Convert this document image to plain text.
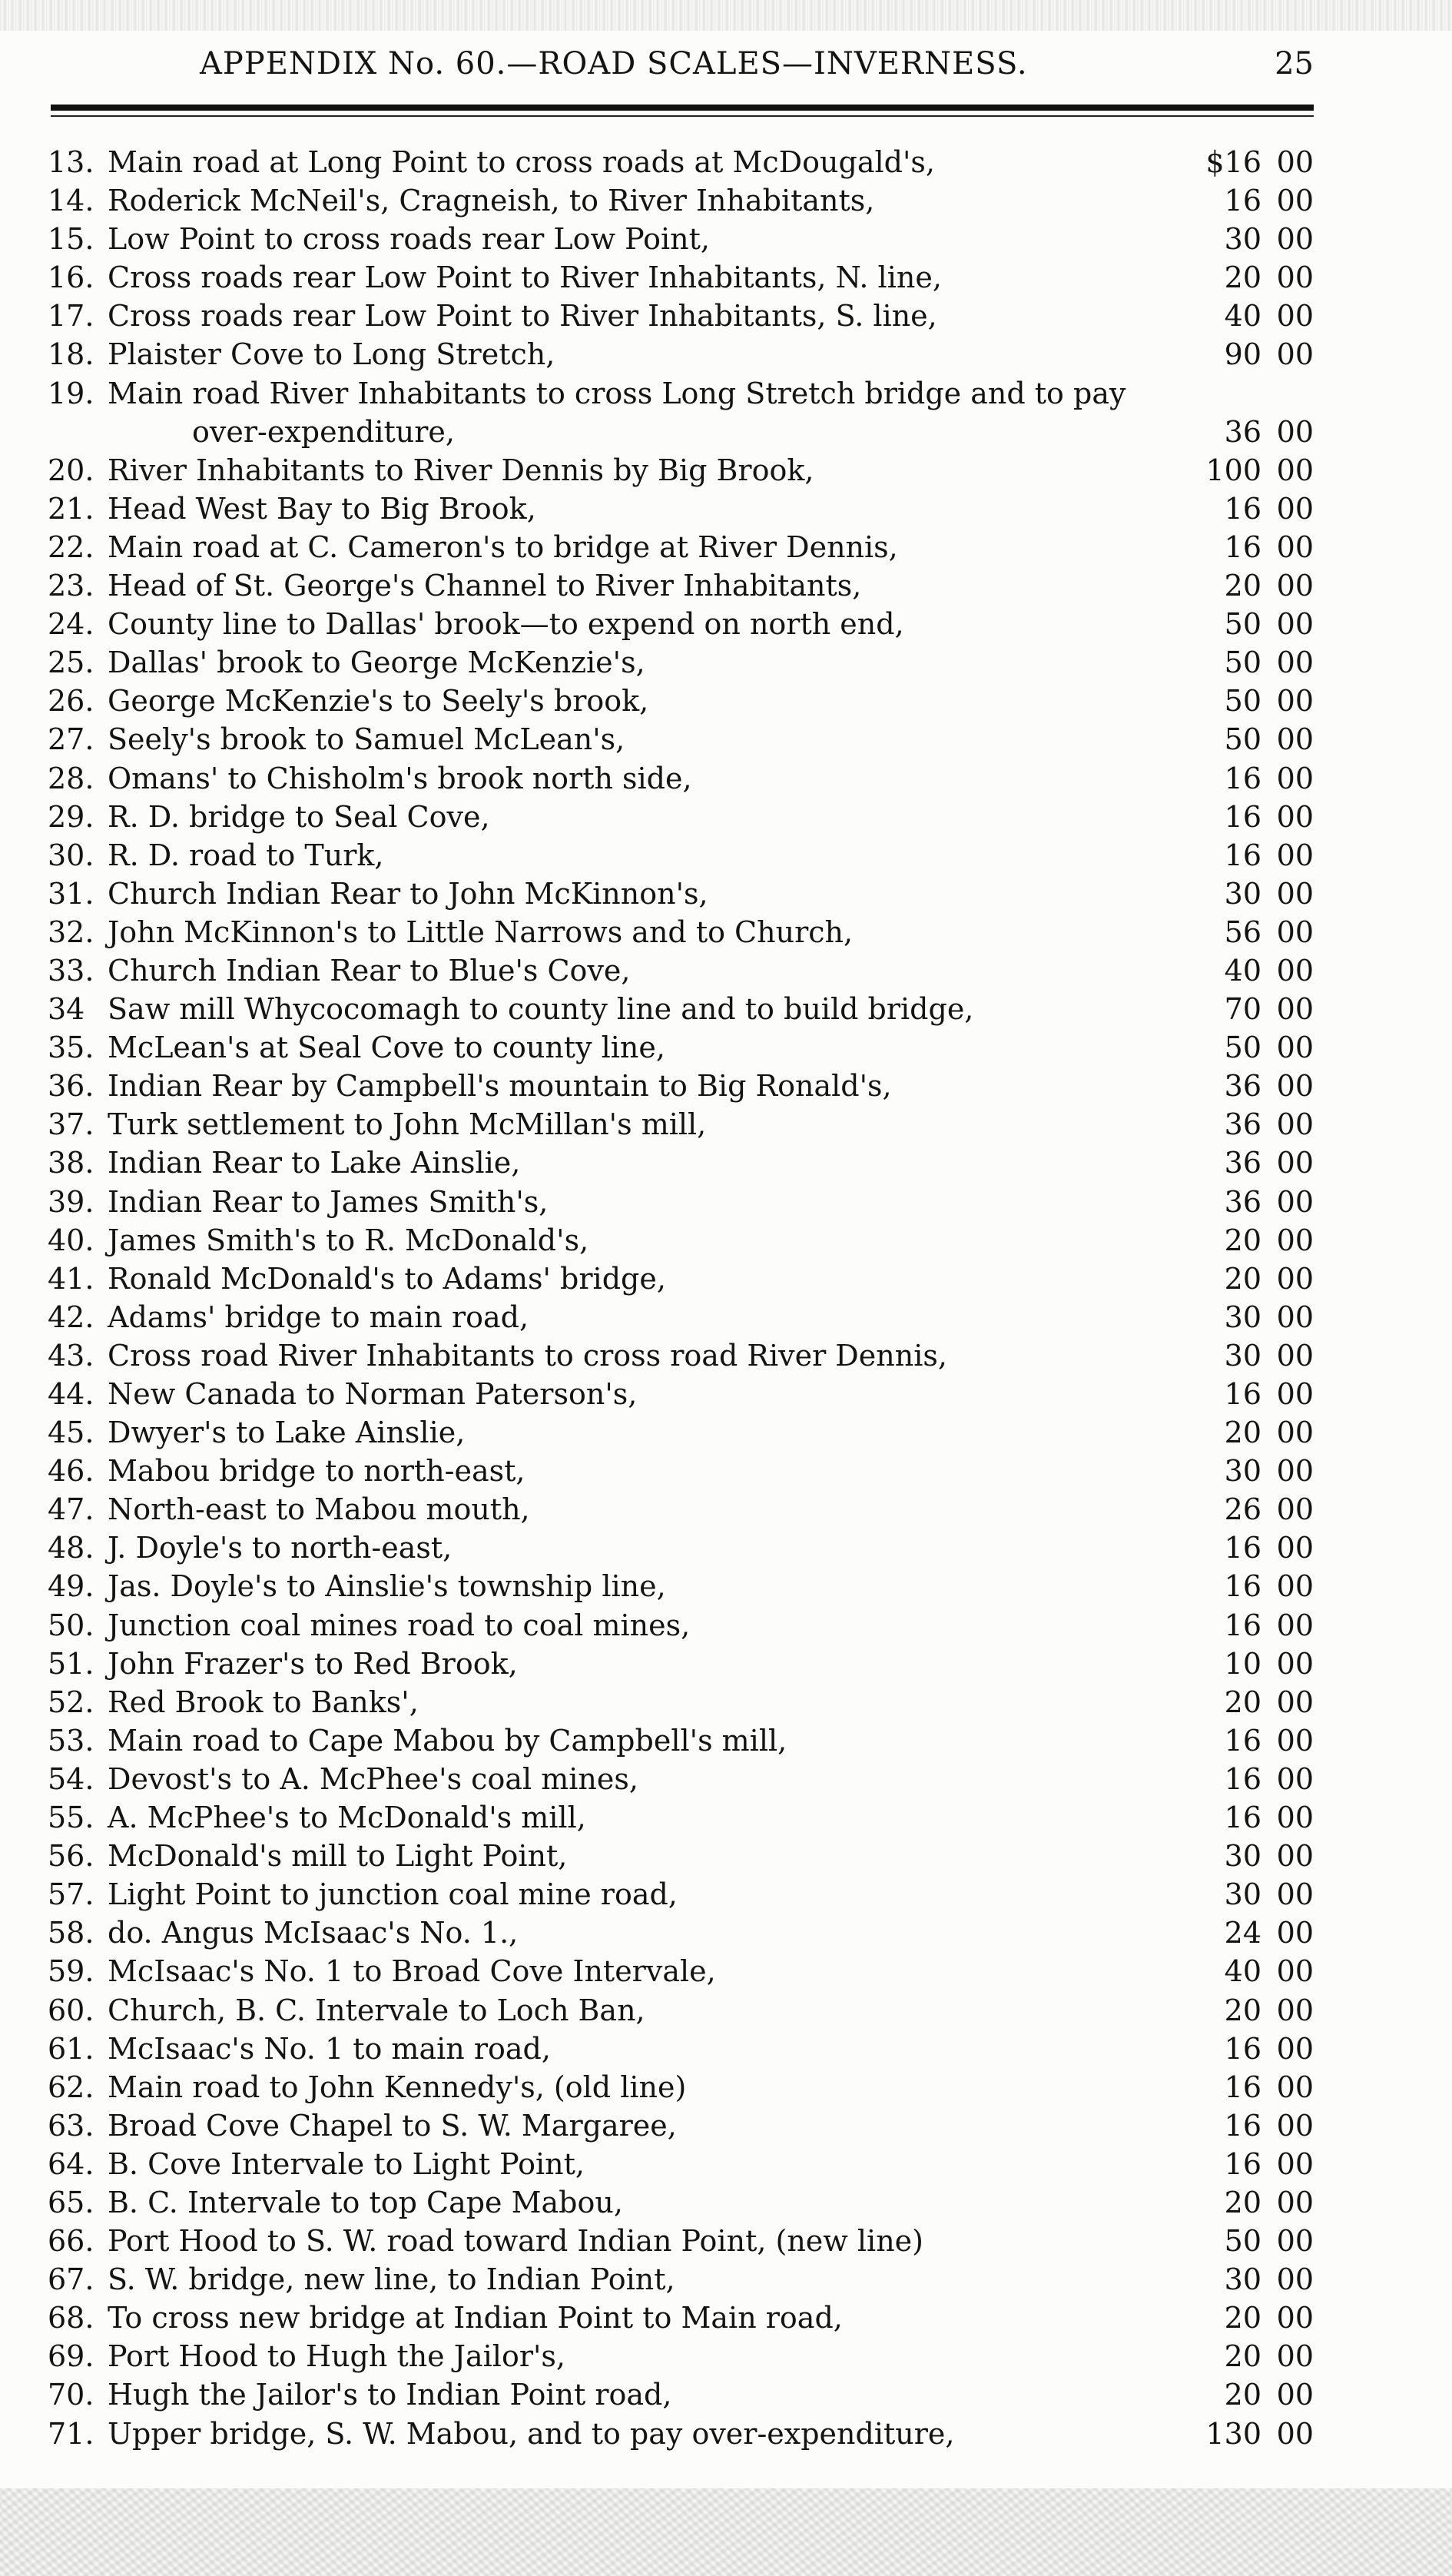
APPENDIX No. 60.—ROAD SCALES—INVERNESS.	25
13. Main road at Long Point to cross roads at McDougald's,	$16 00
14. Roderick McNeil's, Cragneish, to River Inhabitants,	16 00
15. Low Point to cross roads rear Low Point,	30 00
16. Cross roads rear Low Point to River Inhabitants, N. line,	20 00
17. Cross roads rear Low Point to River Inhabitants, S. line,	40 00
18. Plaister Cove to Long Stretch,	90 00
19. Main road River Inhabitants to cross Long Stretch bridge and to pay
over-expenditure,	36 00
20. River Inhabitants to River Dennis by Big Brook,	100 00
21. Head West Bay to Big Brook,	16 00
22. Main road at C. Cameron's to bridge at River Dennis,	16 00
23. Head of St. George's Channel to River Inhabitants,	20 00
24. County line to Dallas' brook—to expend on north end,	50 00
25. Dallas' brook to George McKenzie's,	50 00
26. George McKenzie's to Seely's brook,	50 00
27. Seely's brook to Samuel McLean's,	50 00
28. Omans' to Chisholm's brook north side,	16 00
29. R. D. bridge to Seal Cove,	16 00
30. R. D. road to Turk,	16 00
31. Church Indian Rear to John McKinnon's,	30 00
32. John McKinnon's to Little Narrows and to Church,	56 00
33. Church Indian Rear to Blue's Cove,	40 00
34 Saw mill Whycocomagh to county line and to build bridge,	70 00
35. McLean's at Seal Cove to county line,	50 00
36. Indian Rear by Campbell's mountain to Big Ronald's,	36 00
37. Turk settlement to John McMillan's mill,	36 00
38. Indian Rear to Lake Ainslie,	36 00
39. Indian Rear to James Smith's,	36 00
40. James Smith's to R. McDonald's,	20 00
41. Ronald McDonald's to Adams' bridge,	20 00
42. Adams' bridge to main road,	30 00
43. Cross road River Inhabitants to cross road River Dennis,	30 00
44. New Canada to Norman Paterson's,	16 00
45. Dwyer's to Lake Ainslie,	20 00
46. Mabou bridge to north-east,	30 00
47. North-east to Mabou mouth,	26 00
48. J. Doyle's to north-east,	16 00
49. Jas. Doyle's to Ainslie's township line,	16 00
50. Junction coal mines road to coal mines,	16 00
51. John Frazer's to Red Brook,	10 00
52. Red Brook to Banks',	20 00
53. Main road to Cape Mabou by Campbell's mill,	16 00
54. Devost's to A. McPhee's coal mines,	16 00
55. A. McPhee's to McDonald's mill,	16 00
56. McDonald's mill to Light Point,	30 00
57. Light Point to junction coal mine road,	30 00
58. do. Angus McIsaac's No. 1.,	24 00
59. McIsaac's No. 1 to Broad Cove Intervale,	40 00
60. Church, B. C. Intervale to Loch Ban,	20 00
61. McIsaac's No. 1 to main road,	16 00
62. Main road to John Kennedy's, (old line)	16 00
63. Broad Cove Chapel to S. W. Margaree,	16 00
64. B. Cove Intervale to Light Point,	16 00
65. B. C. Intervale to top Cape Mabou,	20 00
66. Port Hood to S. W. road toward Indian Point, (new line)	50 00
67. S. W. bridge, new line, to Indian Point,	30 00
68. To cross new bridge at Indian Point to Main road,	20 00
69. Port Hood to Hugh the Jailor's,	20 00
70. Hugh the Jailor's to Indian Point road,	20 00
71. Upper bridge, S. W. Mabou, and to pay over-expenditure,	130 00
